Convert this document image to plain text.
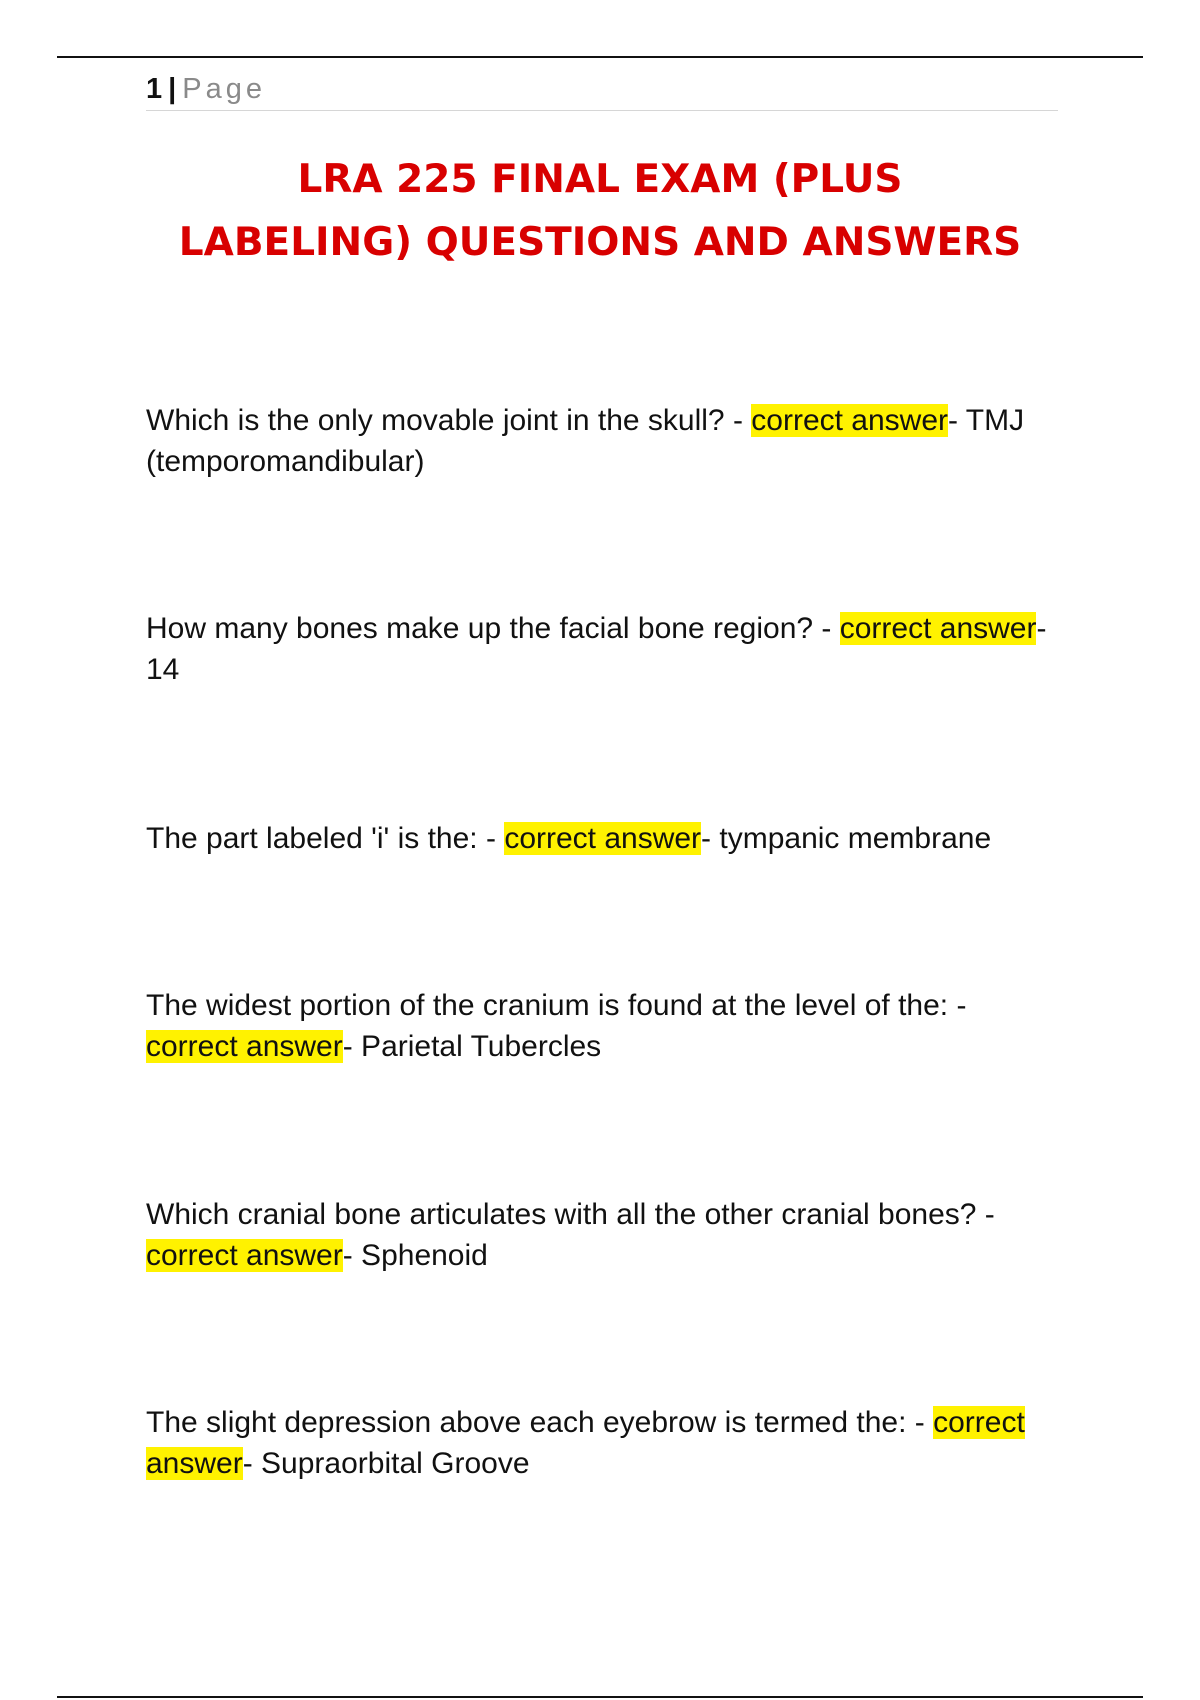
1 | Page
LRA 225 FINAL EXAM (PLUS
LABELING) QUESTIONS AND ANSWERS

Which is the only movable joint in the skull? - correct answer- TMJ (temporomandibular)

How many bones make up the facial bone region? - correct answer- 14

The part labeled 'i' is the: - correct answer- tympanic membrane

The widest portion of the cranium is found at the level of the: - correct answer- Parietal Tubercles

Which cranial bone articulates with all the other cranial bones? - correct answer- Sphenoid

The slight depression above each eyebrow is termed the: - correct answer- Supraorbital Groove
